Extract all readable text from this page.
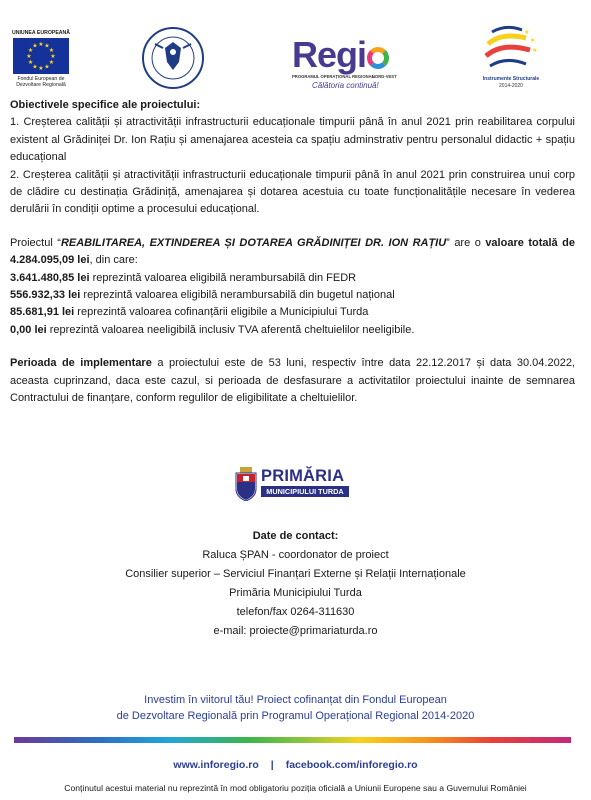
UNIUNEA EUROPEANĂ
★ ★
★
★
★
★
★
★
★
★
★
★
Fondul European de Dezvoltare Regională
Regi
PROGRAMUL OPERAȚIONAL REGIONAL
NORD-VEST
Călătoria continuă!
★
★
★
Instrumente Structurale
2014-2020

Obiectivele specifice ale proiectului:

1. Creșterea calității și atractivității infrastructurii educaționale timpurii până în anul 2021 prin reabilitarea corpului existent al Grădiniței Dr. Ion Rațiu și amenajarea acesteia ca spațiu adminstrativ pentru personalul didactic + spațiu educațional

2. Creșterea calității și atractivității infrastructurii educaționale timpurii până în anul 2021 prin construirea unui corp de clădire cu destinația Grădiniță, amenajarea și dotarea acestuia cu toate funcționalitățile necesare în vederea derulării în condiții optime a procesului educațional.

Proiectul “REABILITAREA, EXTINDEREA ȘI DOTAREA GRĂDINIȚEI DR. ION RAȚIU” are o valoare totală de 4.284.095,09 lei, din care:

3.641.480,85 lei reprezintă valoarea eligibilă nerambursabilă din FEDR

556.932,33 lei reprezintă valoarea eligibilă nerambursabilă din bugetul național

85.681,91 lei reprezintă valoarea cofinanțării eligibile a Municipiului Turda

0,00 lei reprezintă valoarea neeligibilă inclusiv TVA aferentă cheltuielilor neeligibile.

Perioada de implementare a proiectului este de 53 luni, respectiv între data 22.12.2017 și data 30.04.2022, aceasta cuprinzand, daca este cazul, si perioada de desfasurare a activitatilor proiectului inainte de semnarea Contractului de finanțare, conform regulilor de eligibilitate a cheltuielilor.

PRIMĂRIA
MUNICIPIULUI TURDA
Date de contact:
Raluca ȘPAN - coordonator de proiect
Consilier superior – Serviciul Finanțari Externe și Relații Internaționale
Primăria Municipiului Turda
telefon/fax 0264-311630
e-mail: proiecte@primariaturda.ro
Investim în viitorul tău! Proiect cofinanțat din Fondul European
de Dezvoltare Regională prin Programul Operațional Regional 2014-2020
www.inforegio.ro | facebook.com/inforegio.ro
Conținutul acestui material nu reprezintă în mod obligatoriu poziția oficială a Uniunii Europene sau a Guvernului României
